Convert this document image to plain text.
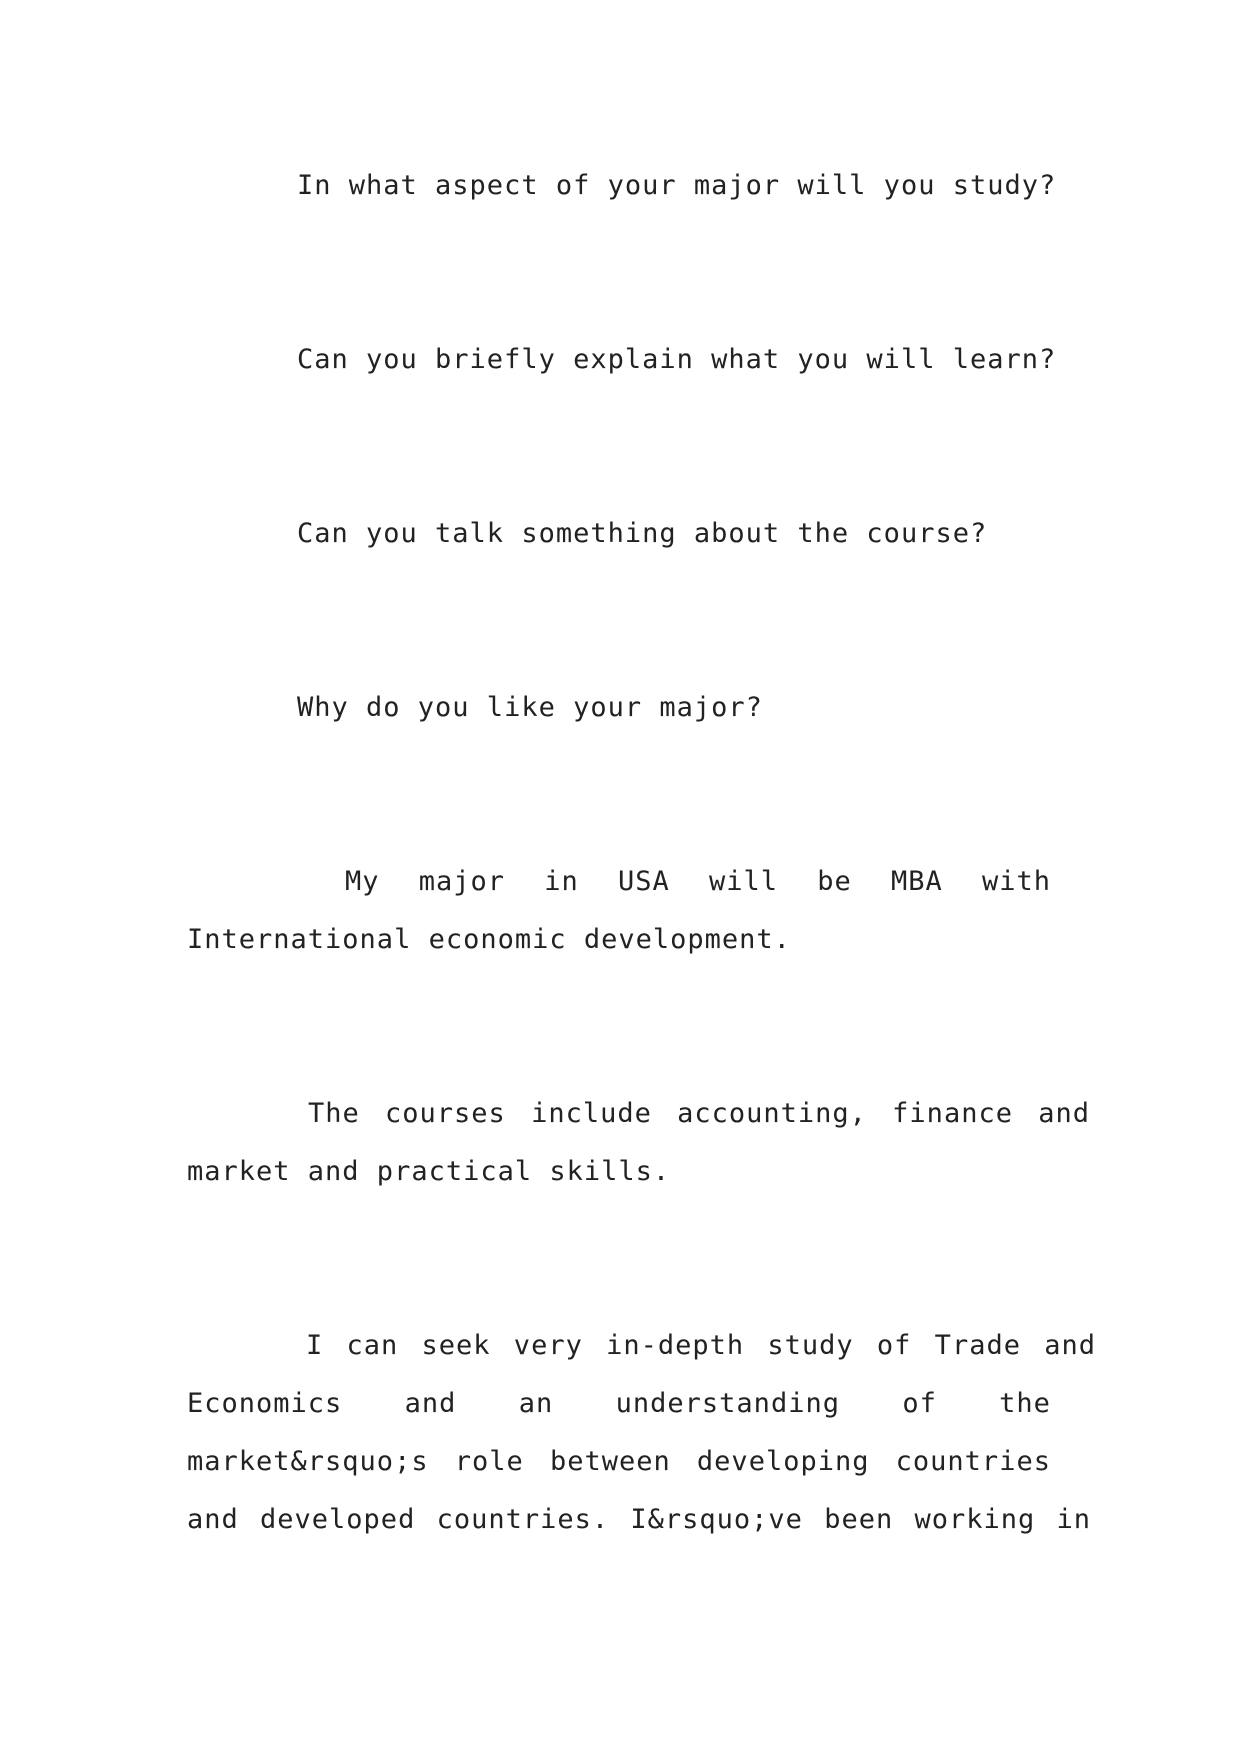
In what aspect of your major will you study?
Can you briefly explain what you will learn?
Can you talk something about the course?
Why do you like your major?
My major in USA will be MBA with
International economic development.
The courses include accounting, finance and
market and practical skills.
I can seek very in-depth study of Trade and
Economics and an understanding of the
market&rsquo;s role between developing countries
and developed countries. I&rsquo;ve been working in
